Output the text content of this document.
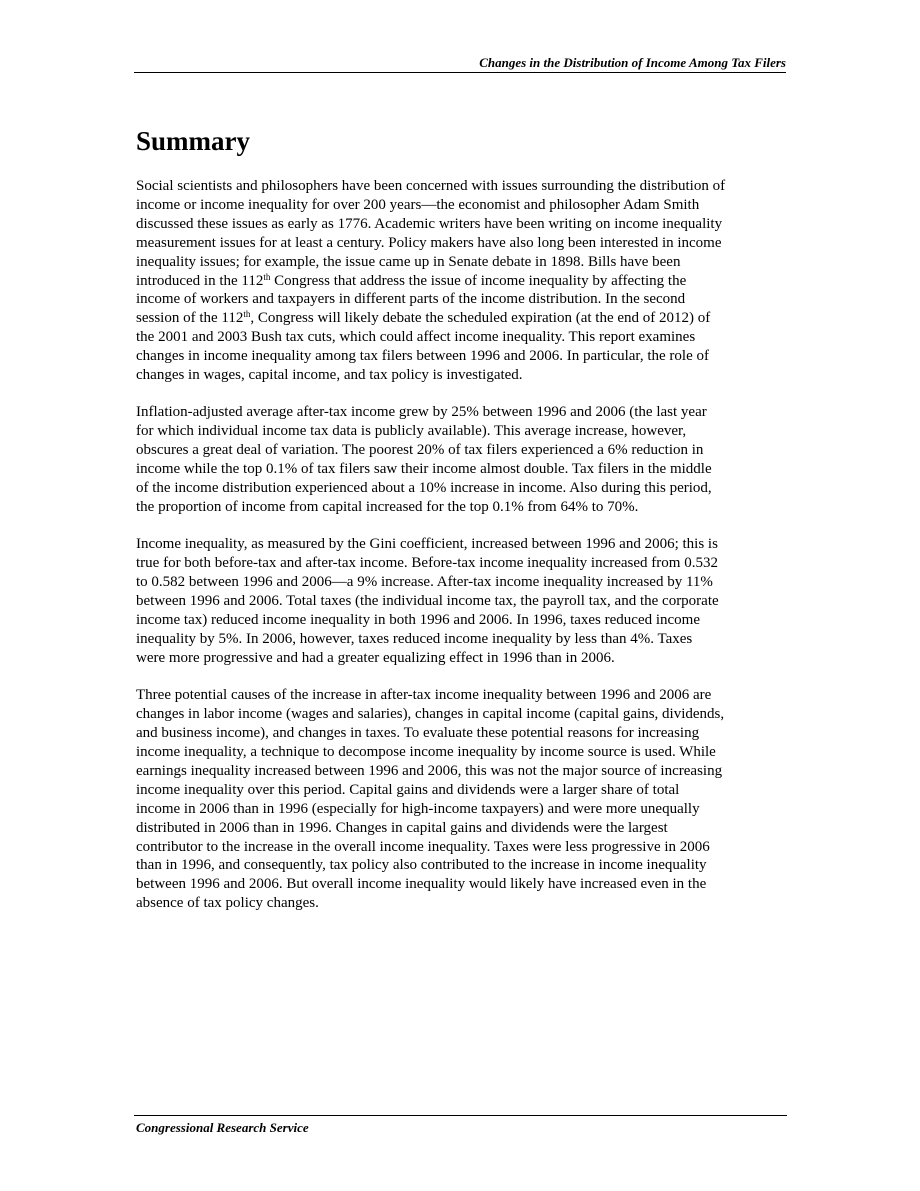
Changes in the Distribution of Income Among Tax Filers
Summary

Social scientists and philosophers have been concerned with issues surrounding the distribution of
income or income inequality for over 200 years—the economist and philosopher Adam Smith
discussed these issues as early as 1776. Academic writers have been writing on income inequality
measurement issues for at least a century. Policy makers have also long been interested in income
inequality issues; for example, the issue came up in Senate debate in 1898. Bills have been
introduced in the 112th Congress that address the issue of income inequality by affecting the
income of workers and taxpayers in different parts of the income distribution. In the second
session of the 112th, Congress will likely debate the scheduled expiration (at the end of 2012) of
the 2001 and 2003 Bush tax cuts, which could affect income inequality. This report examines
changes in income inequality among tax filers between 1996 and 2006. In particular, the role of
changes in wages, capital income, and tax policy is investigated.

Inflation-adjusted average after-tax income grew by 25% between 1996 and 2006 (the last year
for which individual income tax data is publicly available). This average increase, however,
obscures a great deal of variation. The poorest 20% of tax filers experienced a 6% reduction in
income while the top 0.1% of tax filers saw their income almost double. Tax filers in the middle
of the income distribution experienced about a 10% increase in income. Also during this period,
the proportion of income from capital increased for the top 0.1% from 64% to 70%.

Income inequality, as measured by the Gini coefficient, increased between 1996 and 2006; this is
true for both before-tax and after-tax income. Before-tax income inequality increased from 0.532
to 0.582 between 1996 and 2006—a 9% increase. After-tax income inequality increased by 11%
between 1996 and 2006. Total taxes (the individual income tax, the payroll tax, and the corporate
income tax) reduced income inequality in both 1996 and 2006. In 1996, taxes reduced income
inequality by 5%. In 2006, however, taxes reduced income inequality by less than 4%. Taxes
were more progressive and had a greater equalizing effect in 1996 than in 2006.

Three potential causes of the increase in after-tax income inequality between 1996 and 2006 are
changes in labor income (wages and salaries), changes in capital income (capital gains, dividends,
and business income), and changes in taxes. To evaluate these potential reasons for increasing
income inequality, a technique to decompose income inequality by income source is used. While
earnings inequality increased between 1996 and 2006, this was not the major source of increasing
income inequality over this period. Capital gains and dividends were a larger share of total
income in 2006 than in 1996 (especially for high-income taxpayers) and were more unequally
distributed in 2006 than in 1996. Changes in capital gains and dividends were the largest
contributor to the increase in the overall income inequality. Taxes were less progressive in 2006
than in 1996, and consequently, tax policy also contributed to the increase in income inequality
between 1996 and 2006. But overall income inequality would likely have increased even in the
absence of tax policy changes.

Congressional Research Service
